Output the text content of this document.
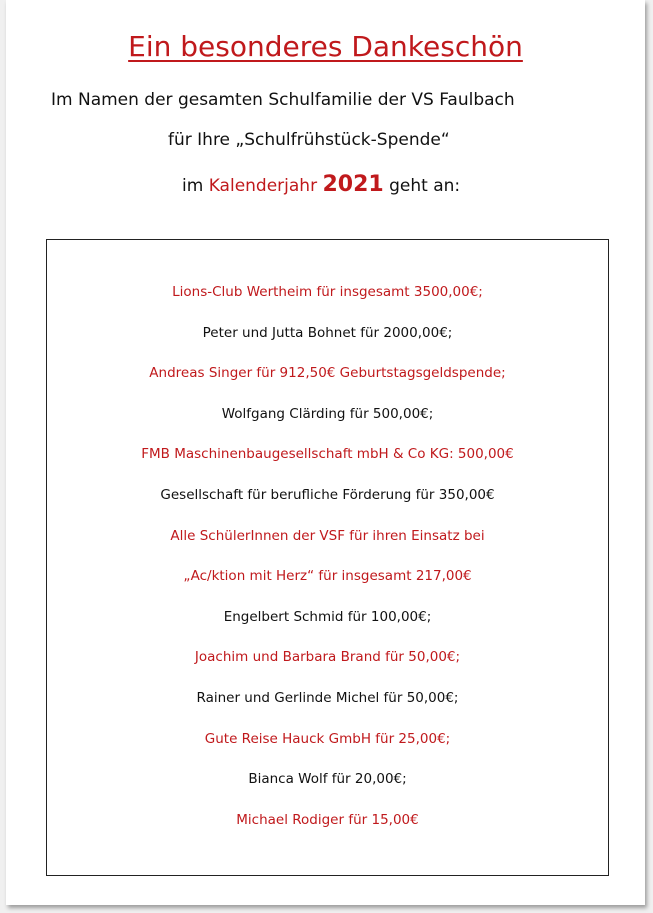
Ein besonderes Dankeschön
Im Namen der gesamten Schulfamilie der VS Faulbach
für Ihre „Schulfrühstück-Spende“
im Kalenderjahr 2021 geht an:
Lions-Club Wertheim für insgesamt 3500,00€;
Peter und Jutta Bohnet für 2000,00€;
Andreas Singer für 912,50€ Geburtstagsgeldspende;
Wolfgang Clärding für 500,00€;
FMB Maschinenbaugesellschaft mbH & Co KG: 500,00€
Gesellschaft für berufliche Förderung für 350,00€
Alle SchülerInnen der VSF für ihren Einsatz bei
„Ac/ktion mit Herz“ für insgesamt 217,00€
Engelbert Schmid für 100,00€;
Joachim und Barbara Brand für 50,00€;
Rainer und Gerlinde Michel für 50,00€;
Gute Reise Hauck GmbH für 25,00€;
Bianca Wolf für 20,00€;
Michael Rodiger für 15,00€
